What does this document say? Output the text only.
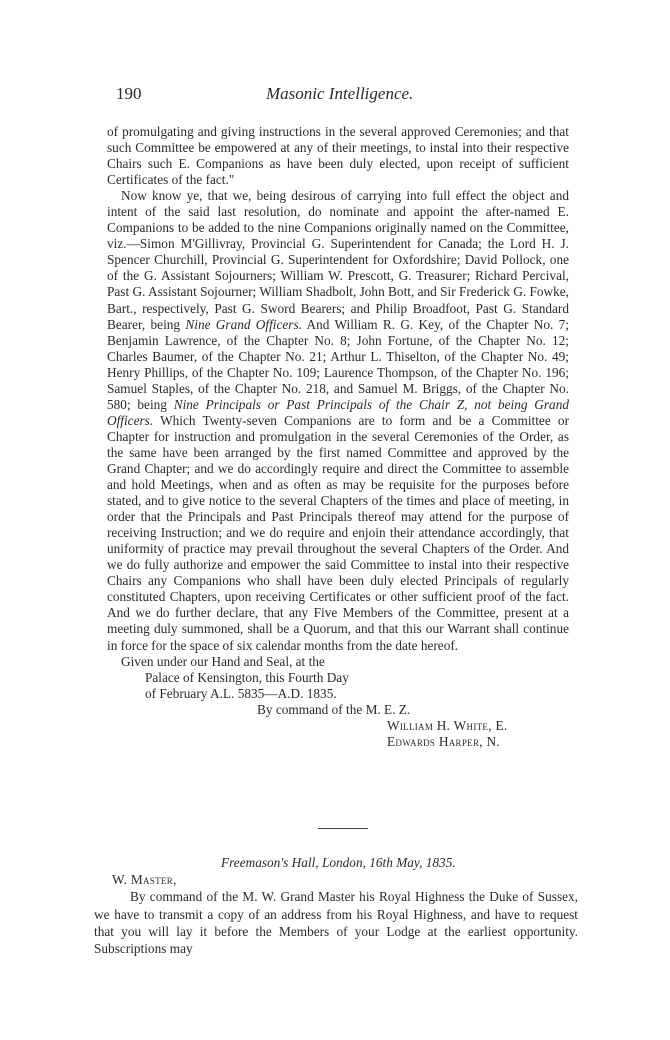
190	Masonic Intelligence.

of promulgating and giving instructions in the several approved Ceremonies; and that such Committee be empowered at any of their meetings, to instal into their respective Chairs such E. Companions as have been duly elected, upon receipt of sufficient Certificates of the fact."

Now know ye, that we, being desirous of carrying into full effect the object and intent of the said last resolution, do nominate and appoint the after-named E. Companions to be added to the nine Companions originally named on the Committee, viz.—Simon M'Gillivray, Provincial G. Superintendent for Canada; the Lord H. J. Spencer Churchill, Provincial G. Superintendent for Oxfordshire; David Pollock, one of the G. Assistant Sojourners; William W. Prescott, G. Treasurer; Richard Percival, Past G. Assistant Sojourner; William Shadbolt, John Bott, and Sir Frederick G. Fowke, Bart., respectively, Past G. Sword Bearers; and Philip Broadfoot, Past G. Standard Bearer, being Nine Grand Officers. And William R. G. Key, of the Chapter No. 7; Benjamin Lawrence, of the Chapter No. 8; John Fortune, of the Chapter No. 12; Charles Baumer, of the Chapter No. 21; Arthur L. Thiselton, of the Chapter No. 49; Henry Phillips, of the Chapter No. 109; Laurence Thompson, of the Chapter No. 196; Samuel Staples, of the Chapter No. 218, and Samuel M. Briggs, of the Chapter No. 580; being Nine Principals or Past Principals of the Chair Z, not being Grand Officers. Which Twenty-seven Companions are to form and be a Committee or Chapter for instruction and promulgation in the several Ceremonies of the Order, as the same have been arranged by the first named Committee and approved by the Grand Chapter; and we do accordingly require and direct the Committee to assemble and hold Meetings, when and as often as may be requisite for the purposes before stated, and to give notice to the several Chapters of the times and place of meeting, in order that the Principals and Past Principals thereof may attend for the purpose of receiving Instruction; and we do require and enjoin their attendance accordingly, that uniformity of practice may prevail throughout the several Chapters of the Order. And we do fully authorize and empower the said Committee to instal into their respective Chairs any Companions who shall have been duly elected Principals of regularly constituted Chapters, upon receiving Certificates or other sufficient proof of the fact. And we do further declare, that any Five Members of the Committee, present at a meeting duly summoned, shall be a Quorum, and that this our Warrant shall continue in force for the space of six calendar months from the date hereof.

Given under our Hand and Seal, at the
Palace of Kensington, this Fourth Day
of February A.L. 5835—A.D. 1835.
By command of the M. E. Z.
William H. White, E.
Edwards Harper, N.
Freemason's Hall, London, 16th May, 1835.
W. Master,

By command of the M. W. Grand Master his Royal Highness the Duke of Sussex, we have to transmit a copy of an address from his Royal Highness, and have to request that you will lay it before the Members of your Lodge at the earliest opportunity. Subscriptions may
